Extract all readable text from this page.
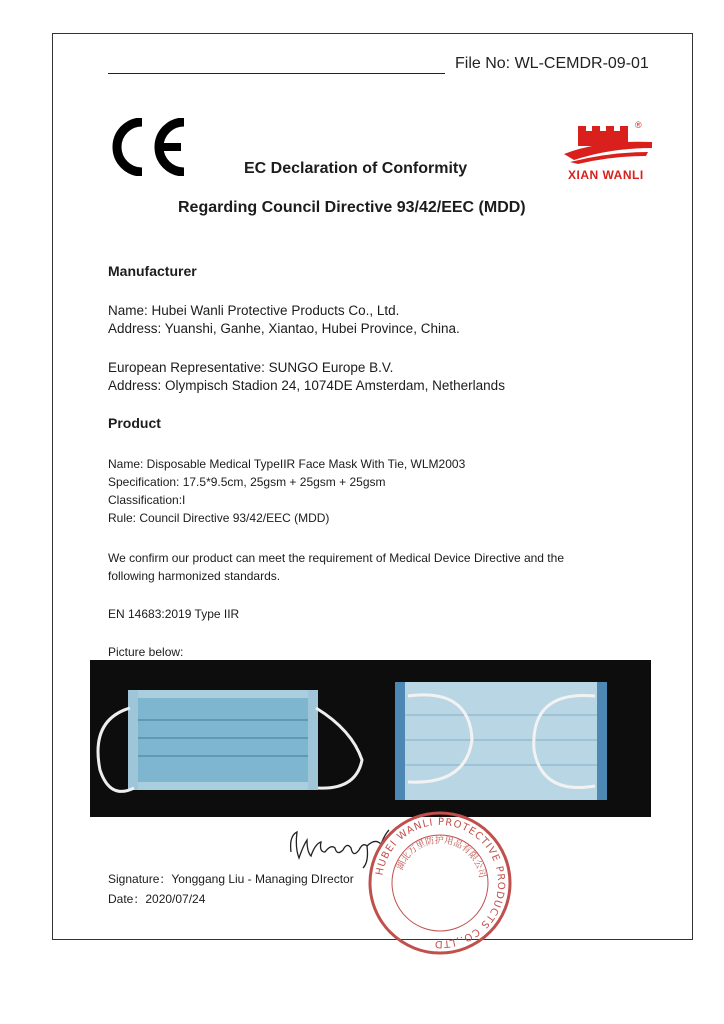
File No: WL-CEMDR-09-01
®
XIAN WANLI
EC Declaration of Conformity
Regarding Council Directive 93/42/EEC (MDD)
Manufacturer
Name: Hubei Wanli Protective Products Co., Ltd.
Address: Yuanshi, Ganhe, Xiantao, Hubei Province, China.
European Representative: SUNGO Europe B.V.
Address: Olympisch Stadion 24, 1074DE Amsterdam, Netherlands
Product
Name: Disposable Medical TypeIIR Face Mask With Tie, WLM2003
Specification: 17.5*9.5cm, 25gsm + 25gsm + 25gsm
Classification:I
Rule: Council Directive 93/42/EEC (MDD)
We confirm our product can meet the requirement of Medical Device Directive and the
following harmonized standards.
EN 14683:2019 Type IIR
Picture below:
Signature：Yonggang Liu - Managing DIrector
Date：2020/07/24
HUBEI WANLI PROTECTIVE PRODUCTS CO.,LTD
湖北万里防护用品有限公司
